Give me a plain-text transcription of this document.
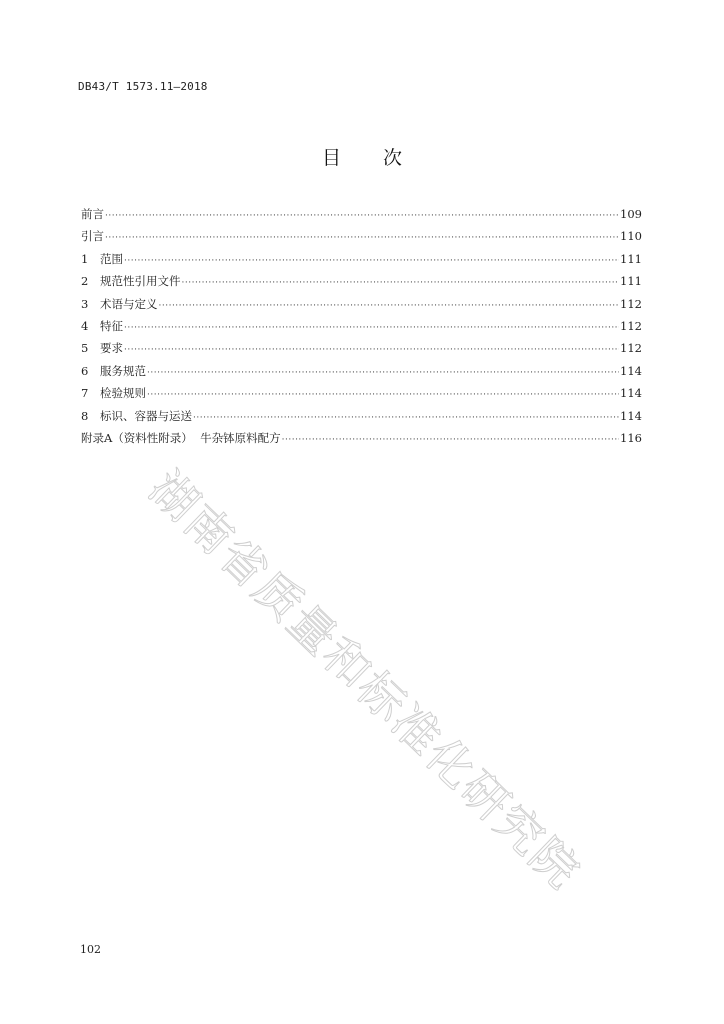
DB43/T 1573.11—2018
目 次
前言 ·····	109
引言 ·····	110
1	范围 ·····	111
2	规范性引用文件 ·····	111
3	术语与定义 ·····	112
4	特征 ·····	112
5	要求 ·····	112
6	服务规范 ·····	114
7	检验规则 ·····	114
8	标识、容器与运送 ·····	114
附录A（资料性附录）  牛杂钵原料配方 ·····	116
湖南省质量和标准化研究院
102
